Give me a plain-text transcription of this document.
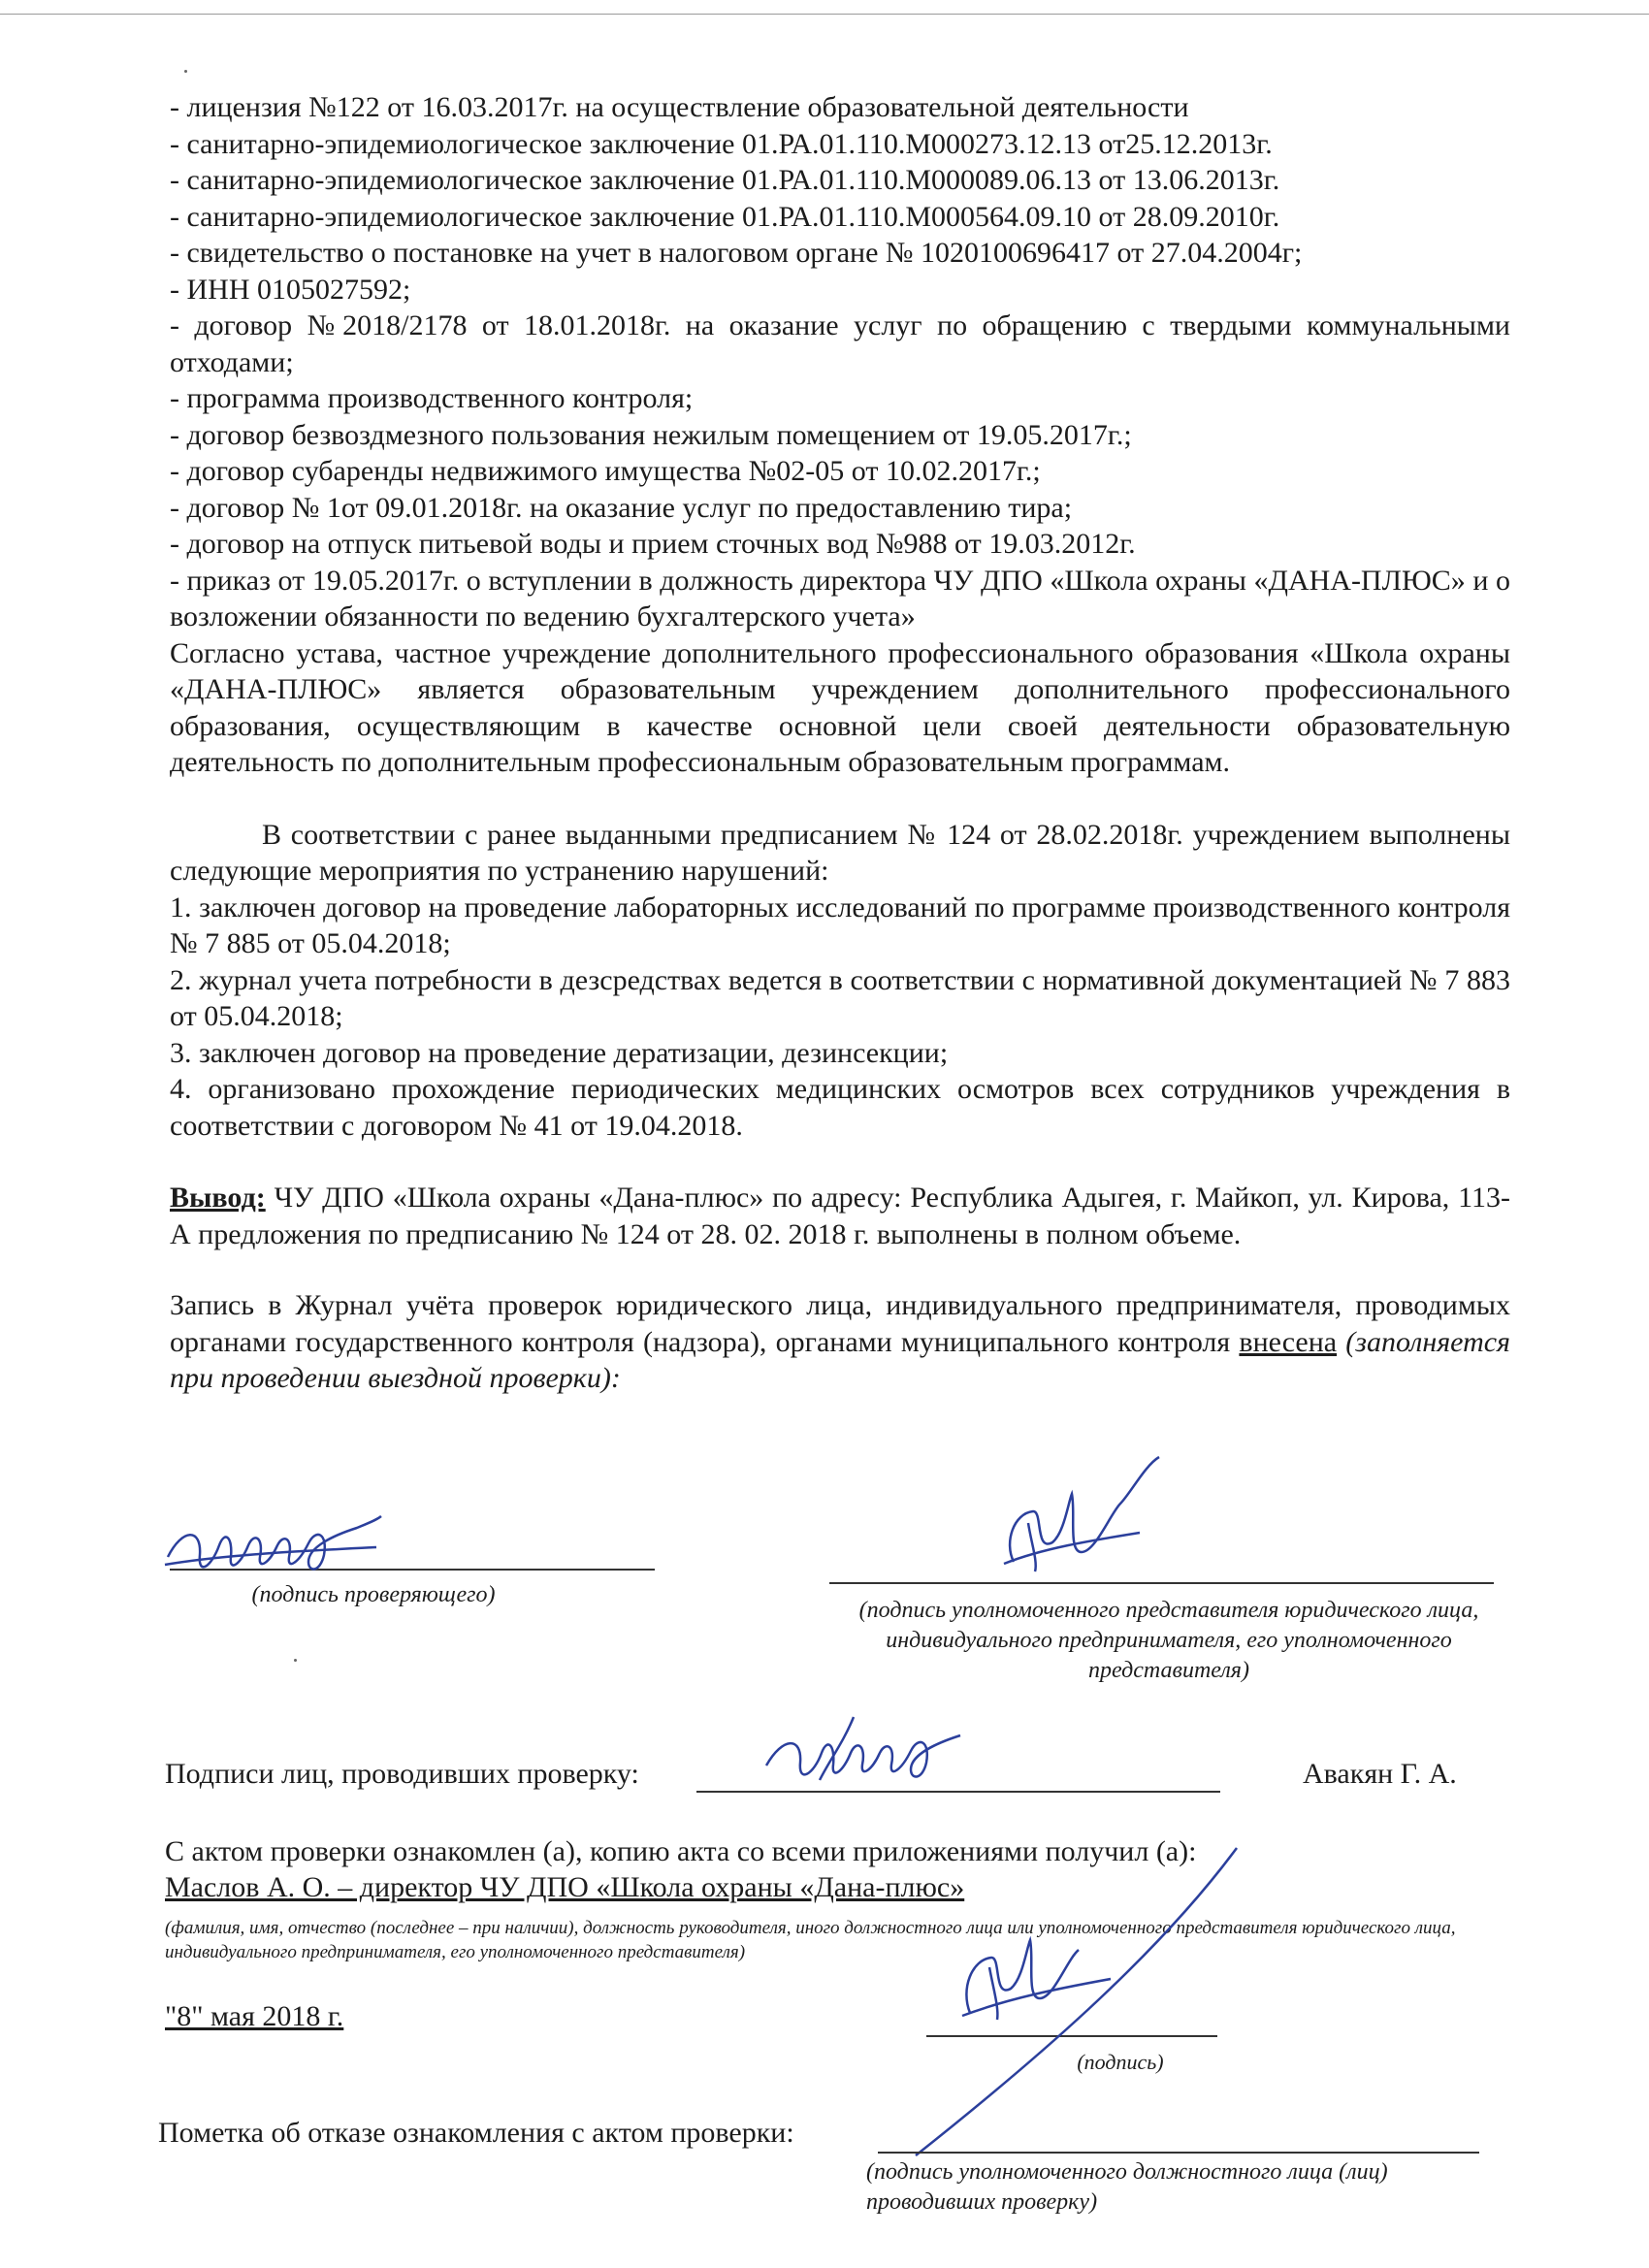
- лицензия №122 от 16.03.2017г. на осуществление образовательной деятельности

- санитарно-эпидемиологическое заключение 01.РА.01.110.М000273.12.13 от25.12.2013г.

- санитарно-эпидемиологическое заключение 01.РА.01.110.М000089.06.13 от 13.06.2013г.

- санитарно-эпидемиологическое заключение 01.РА.01.110.М000564.09.10 от 28.09.2010г.

- свидетельство о постановке на учет в налоговом органе № 1020100696417 от 27.04.2004г;

- ИНН 0105027592;

- договор №2018/2178 от 18.01.2018г. на оказание услуг по обращению с твердыми коммунальными отходами;

- программа производственного контроля;

- договор безвоздмезного пользования нежилым помещением от 19.05.2017г.;

- договор субаренды недвижимого имущества №02-05 от 10.02.2017г.;

- договор № 1от 09.01.2018г. на оказание услуг по предоставлению тира;

- договор на отпуск питьевой воды и прием сточных вод №988 от 19.03.2012г.

- приказ от 19.05.2017г. о вступлении в должность директора ЧУ ДПО «Школа охраны «ДАНА-ПЛЮС» и о возложении обязанности по ведению бухгалтерского учета»

Согласно устава, частное учреждение дополнительного профессионального образования «Школа охраны «ДАНА-ПЛЮС» является образовательным учреждением дополнительного профессионального образования, осуществляющим в качестве основной цели своей деятельности образовательную деятельность по дополнительным профессиональным образовательным программам.

В соответствии с ранее выданными предписанием № 124 от 28.02.2018г. учреждением выполнены следующие мероприятия по устранению нарушений:

1. заключен договор на проведение лабораторных исследований по программе производственного контроля № 7 885 от 05.04.2018;

2. журнал учета потребности в дезсредствах ведется в соответствии с нормативной документацией № 7 883 от 05.04.2018;

3. заключен договор на проведение дератизации, дезинсекции;

4. организовано прохождение периодических медицинских осмотров всех сотрудников учреждения в соответствии с договором № 41 от 19.04.2018.

Вывод: ЧУ ДПО «Школа охраны «Дана-плюс» по адресу: Республика Адыгея, г. Майкоп, ул. Кирова, 113-А предложения по предписанию № 124 от 28. 02. 2018 г. выполнены в полном объеме.

Запись в Журнал учёта проверок юридического лица, индивидуального предпринимателя, проводимых органами государственного контроля (надзора), органами муниципального контроля внесена (заполняется при проведении выездной проверки):

(подпись проверяющего)
(подпись уполномоченного представителя юридического лица, индивидуального предпринимателя, его уполномоченного представителя)
Подписи лиц, проводивших проверку:	Авакян Г. А.
С актом проверки ознакомлен (а), копию акта со всеми приложениями получил (а):
Маслов А. О. – директор ЧУ ДПО «Школа охраны «Дана-плюс»
(фамилия, имя, отчество (последнее – при наличии), должность руководителя, иного должностного лица или уполномоченного представителя юридического лица, индивидуального предпринимателя, его уполномоченного представителя)
"8" мая 2018 г.
(подпись)
Пометка об отказе ознакомления с актом проверки:
(подпись уполномоченного должностного лица (лиц) проводивших проверку)
